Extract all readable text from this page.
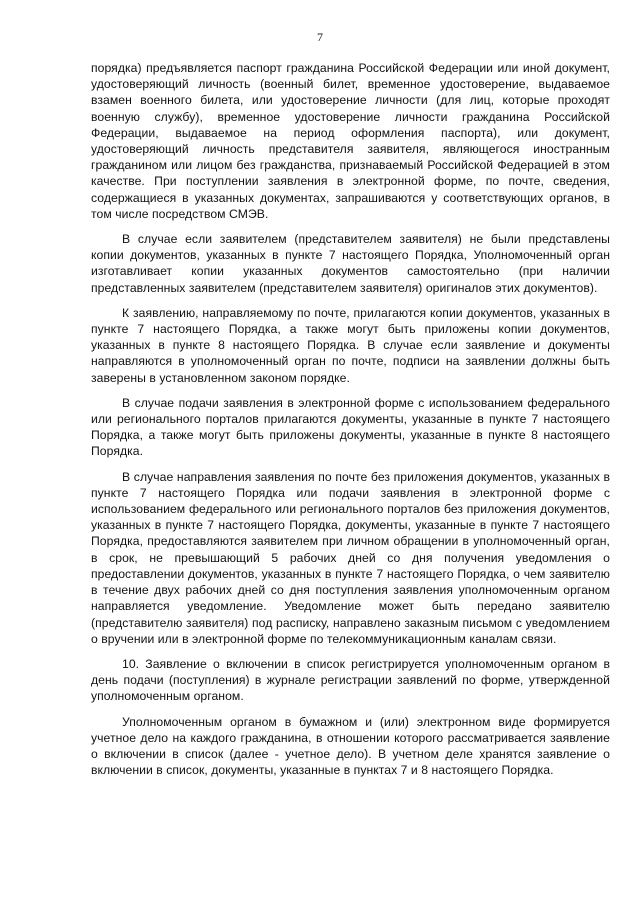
7

порядка) предъявляется паспорт гражданина Российской Федерации или иной документ, удостоверяющий личность (военный билет, временное удостоверение, выдаваемое взамен военного билета, или удостоверение личности (для лиц, которые проходят военную службу), временное удостоверение личности гражданина Российской Федерации, выдаваемое на период оформления паспорта), или документ, удостоверяющий личность представителя заявителя, являющегося иностранным гражданином или лицом без гражданства, признаваемый Российской Федерацией в этом качестве. При поступлении заявления в электронной форме, по почте, сведения, содержащиеся в указанных документах, запрашиваются у соответствующих органов, в том числе посредством СМЭВ.

В случае если заявителем (представителем заявителя) не были представлены копии документов, указанных в пункте 7 настоящего Порядка, Уполномоченный орган изготавливает копии указанных документов самостоятельно (при наличии представленных заявителем (представителем заявителя) оригиналов этих документов).

К заявлению, направляемому по почте, прилагаются копии документов, указанных в пункте 7 настоящего Порядка, а также могут быть приложены копии документов, указанных в пункте 8 настоящего Порядка. В случае если заявление и документы направляются в уполномоченный орган по почте, подписи на заявлении должны быть заверены в установленном законом порядке.

В случае подачи заявления в электронной форме с использованием федерального или регионального порталов прилагаются документы, указанные в пункте 7 настоящего Порядка, а также могут быть приложены документы, указанные в пункте 8 настоящего Порядка.

В случае направления заявления по почте без приложения документов, указанных в пункте 7 настоящего Порядка или подачи заявления в электронной форме с использованием федерального или регионального порталов без приложения документов, указанных в пункте 7 настоящего Порядка, документы, указанные в пункте 7 настоящего Порядка, предоставляются заявителем при личном обращении в уполномоченный орган, в срок, не превышающий 5 рабочих дней со дня получения уведомления о предоставлении документов, указанных в пункте 7 настоящего Порядка, о чем заявителю в течение двух рабочих дней со дня поступления заявления уполномоченным органом направляется уведомление. Уведомление может быть передано заявителю (представителю заявителя) под расписку, направлено заказным письмом с уведомлением о вручении или в электронной форме по телекоммуникационным каналам связи.

10. Заявление о включении в список регистрируется уполномоченным органом в день подачи (поступления) в журнале регистрации заявлений по форме, утвержденной уполномоченным органом.

Уполномоченным органом в бумажном и (или) электронном виде формируется учетное дело на каждого гражданина, в отношении которого рассматривается заявление о включении в список (далее - учетное дело). В учетном деле хранятся заявление о включении в список, документы, указанные в пунктах 7 и 8 настоящего Порядка.
